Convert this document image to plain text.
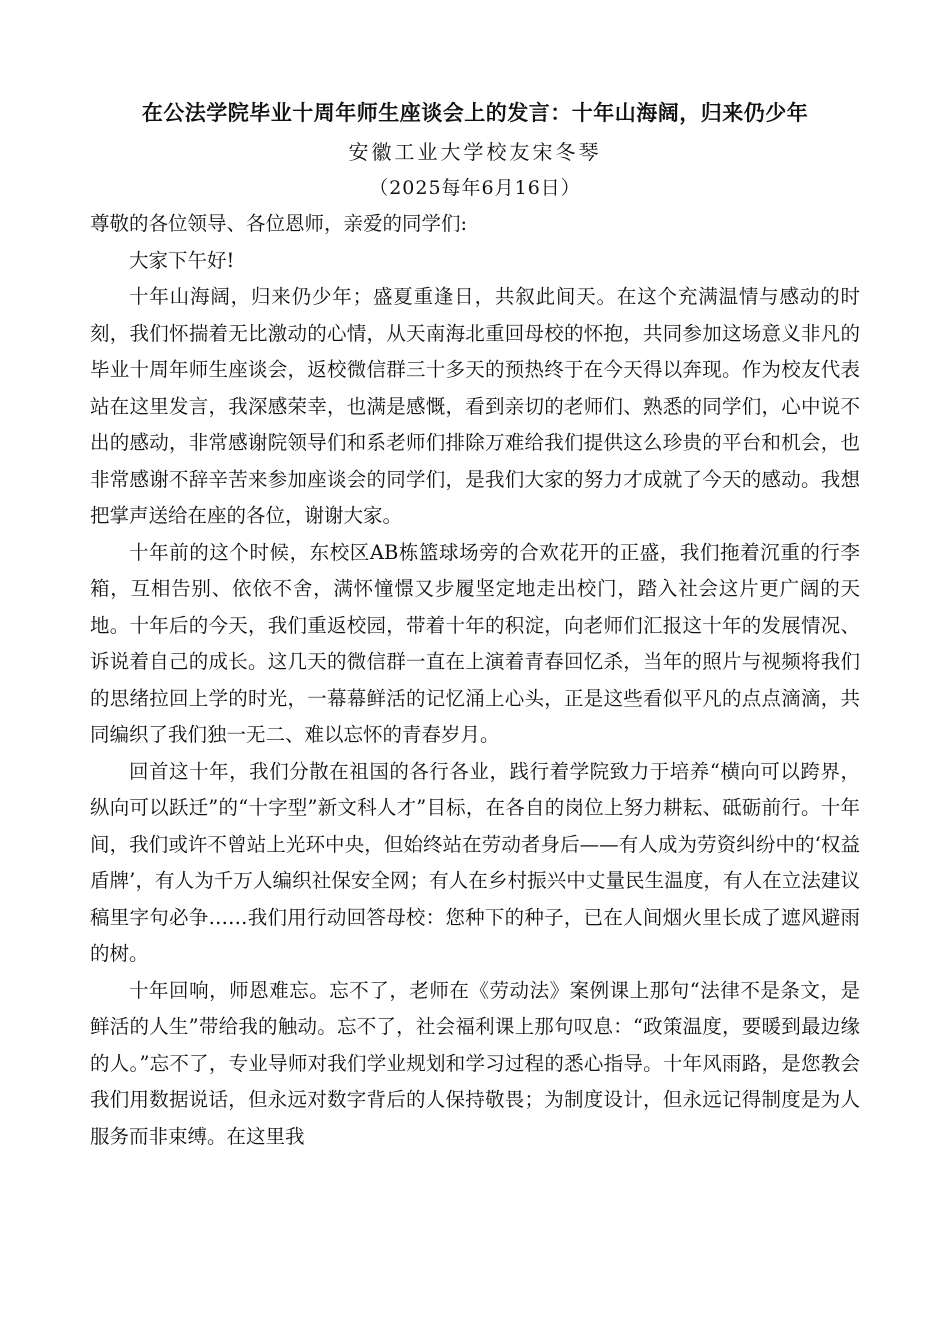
在公法学院毕业十周年师生座谈会上的发言：十年山海阔，归来仍少年
安徽工业大学校友宋冬琴
（2025每年6月16日）

尊敬的各位领导、各位恩师，亲爱的同学们:

大家下午好!

十年山海阔，归来仍少年；盛夏重逢日，共叙此间天。在这个充满温情与感动的时刻，我们怀揣着无比激动的心情，从天南海北重回母校的怀抱，共同参加这场意义非凡的毕业十周年师生座谈会，返校微信群三十多天的预热终于在今天得以奔现。作为校友代表站在这里发言，我深感荣幸，也满是感慨，看到亲切的老师们、熟悉的同学们，心中说不出的感动，非常感谢院领导们和系老师们排除万难给我们提供这么珍贵的平台和机会，也非常感谢不辞辛苦来参加座谈会的同学们，是我们大家的努力才成就了今天的感动。我想把掌声送给在座的各位，谢谢大家。

十年前的这个时候，东校区AB栋篮球场旁的合欢花开的正盛，我们拖着沉重的行李箱，互相告别、依依不舍，满怀憧憬又步履坚定地走出校门，踏入社会这片更广阔的天地。十年后的今天，我们重返校园，带着十年的积淀，向老师们汇报这十年的发展情况、诉说着自己的成长。这几天的微信群一直在上演着青春回忆杀，当年的照片与视频将我们的思绪拉回上学的时光，一幕幕鲜活的记忆涌上心头，正是这些看似平凡的点点滴滴，共同编织了我们独一无二、难以忘怀的青春岁月。

回首这十年，我们分散在祖国的各行各业，践行着学院致力于培养“横向可以跨界，纵向可以跃迁”的“十字型”新文科人才”目标，在各自的岗位上努力耕耘、砥砺前行。十年间，我们或许不曾站上光环中央，但始终站在劳动者身后——有人成为劳资纠纷中的‘权益盾牌’，有人为千万人编织社保安全网；有人在乡村振兴中丈量民生温度，有人在立法建议稿里字句必争……我们用行动回答母校：您种下的种子，已在人间烟火里长成了遮风避雨的树。

十年回响，师恩难忘。忘不了，老师在《劳动法》案例课上那句“法律不是条文，是鲜活的人生”带给我的触动。忘不了，社会福利课上那句叹息：“政策温度，要暖到最边缘的人。”忘不了，专业导师对我们学业规划和学习过程的悉心指导。十年风雨路，是您教会我们用数据说话，但永远对数字背后的人保持敬畏；为制度设计，但永远记得制度是为人服务而非束缚。在这里我
